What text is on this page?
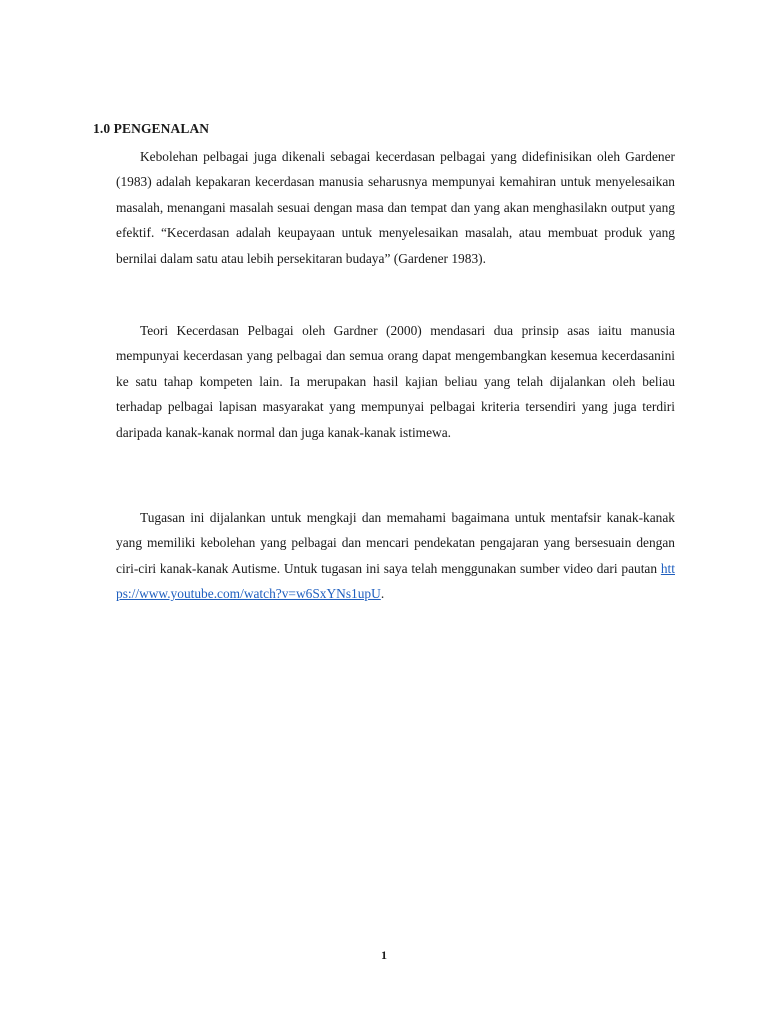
1.0 PENGENALAN

Kebolehan pelbagai juga dikenali sebagai kecerdasan pelbagai yang didefinisikan oleh Gardener (1983) adalah kepakaran kecerdasan manusia seharusnya mempunyai kemahiran untuk menyelesaikan masalah, menangani masalah sesuai dengan masa dan tempat dan yang akan menghasilakn output yang efektif. “Kecerdasan adalah keupayaan untuk menyelesaikan masalah, atau membuat produk yang bernilai dalam satu atau lebih persekitaran budaya” (Gardener 1983).

Teori Kecerdasan Pelbagai oleh Gardner (2000) mendasari dua prinsip asas iaitu manusia mempunyai kecerdasan yang pelbagai dan semua orang dapat mengembangkan kesemua kecerdasanini ke satu tahap kompeten lain. Ia merupakan hasil kajian beliau yang telah dijalankan oleh beliau terhadap pelbagai lapisan masyarakat yang mempunyai pelbagai kriteria tersendiri yang juga terdiri daripada kanak-kanak normal dan juga kanak-kanak istimewa.

Tugasan ini dijalankan untuk mengkaji dan memahami bagaimana untuk mentafsir kanak-kanak yang memiliki kebolehan yang pelbagai dan mencari pendekatan pengajaran yang bersesuain dengan ciri-ciri kanak-kanak Autisme. Untuk tugasan ini saya telah menggunakan sumber video dari pautan https://www.youtube.com/watch?v=w6SxYNs1upU.

1
